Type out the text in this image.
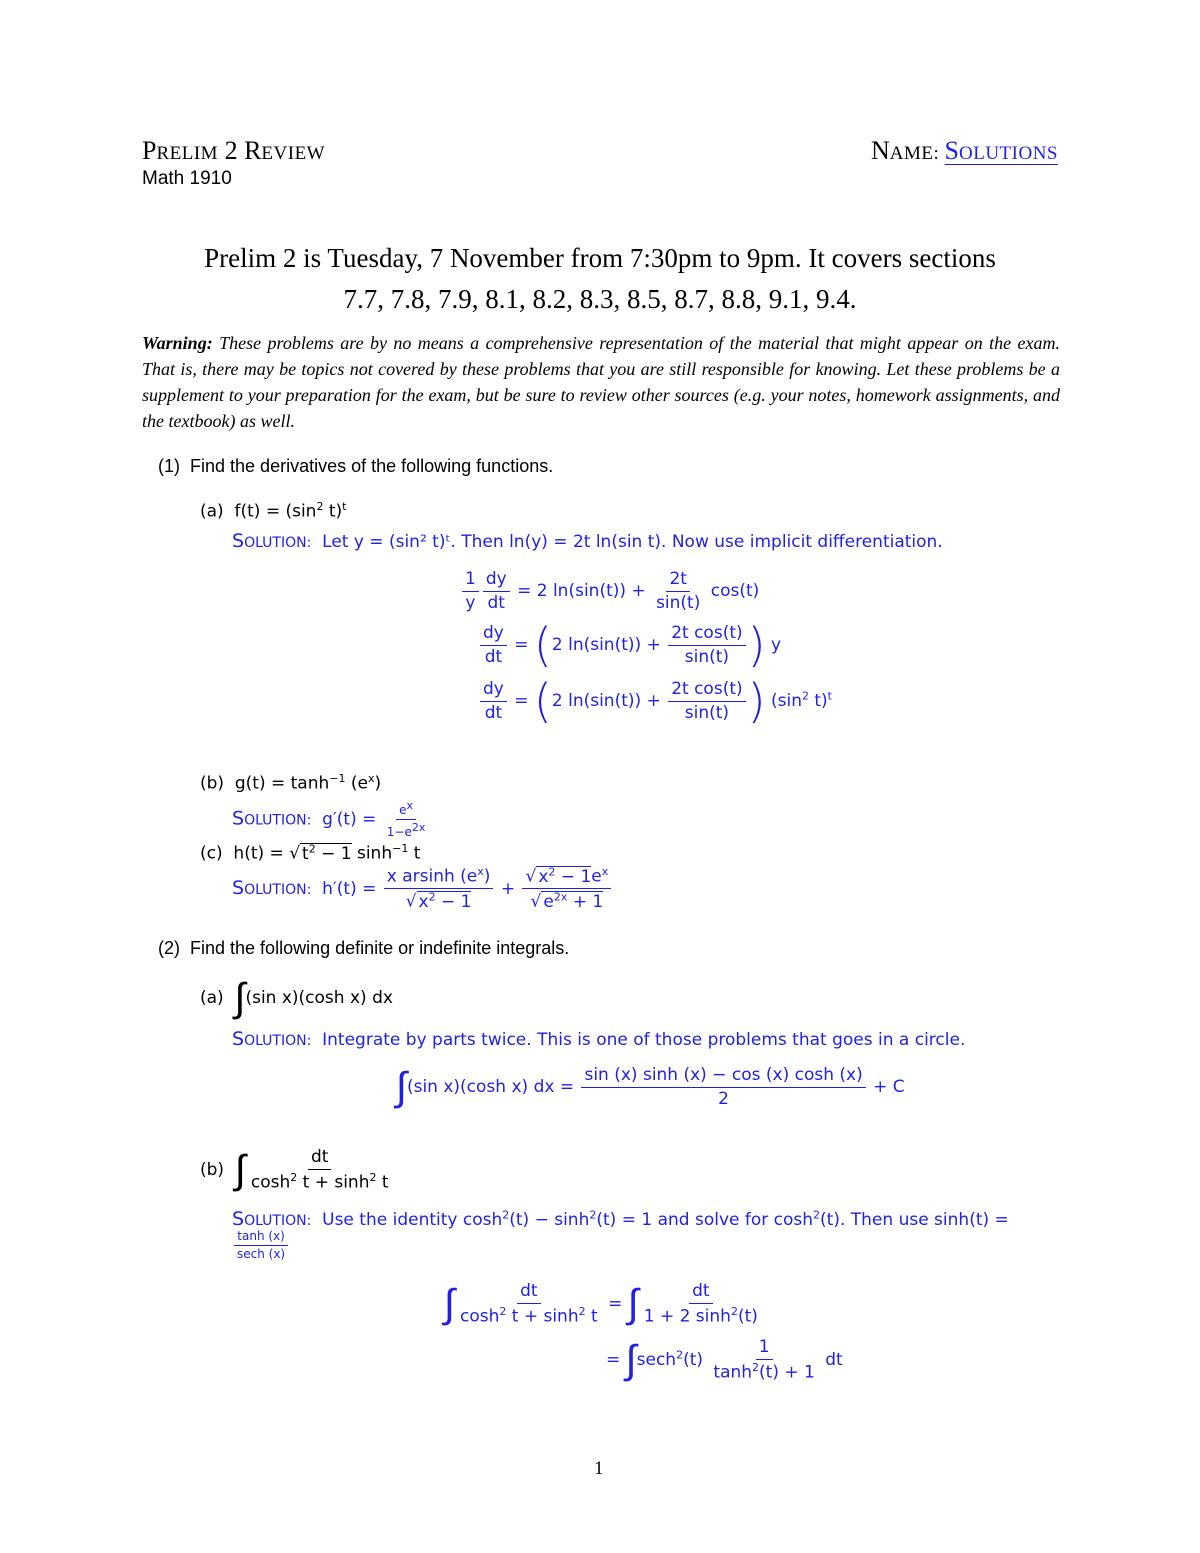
PRELIM 2 REVIEW	NAME: SOLUTIONS
Math 1910
Prelim 2 is Tuesday, 7 November from 7:30pm to 9pm. It covers sections
7.7, 7.8, 7.9, 8.1, 8.2, 8.3, 8.5, 8.7, 8.8, 9.1, 9.4.
Warning: These problems are by no means a comprehensive representation of the material that might appear on the exam. That is, there may be topics not covered by these problems that you are still responsible for knowing. Let these problems be a supplement to your preparation for the exam, but be sure to review other sources (e.g. your notes, homework assignments, and the textbook) as well.
(1) Find the derivatives of the following functions.
(a)  $f(t) = (\sin^2$ t)$^t$
SOLUTION: Let y = (sin² t)ᵗ. Then ln(y) = 2t ln(sin t). Now use implicit differentiation.
$\frac{1}{y} \frac{dy}{dt} = 2$ $\ln(\sin(t)) + \frac{2t}{\sin(t)} \cos(t)$
$\frac{dy}{dt} = (2$ $\ln(\sin(t)) + \frac{\text{2t cos(t)}}{\sin(t)}$ ) y
$\frac{dy}{dt} = (2$ $\ln(\sin(t)) + \frac{\text{2t cos(t)}}{\sin(t)}$ ) ($\sin^2$ t)$^t$
(b)  $g(t) = \tanh^{-1} (e^x)$
SOLUTION:  $g'(t) = \frac{e^x}{1-e^{2x}}$
(c)  h(t) = √ $t^2 - 1$ $\sinh^{-1} t$
SOLUTION:  $h'(t) = \frac{x arsinh (e^x)}{√ x^2 - 1} + \frac{√ x^2 - 1e^x}{√ e^{2x} + 1}$
(2) Find the following definite or indefinite integrals.
(a) ∫(sin x)(cosh x) dx
SOLUTION: Integrate by parts twice. This is one of those problems that goes in a circle.
∫(sin x)(cosh x) dx = $\frac{\sin (x) \sinh (x) - \cos (x) \cosh (x)}{2} + C$
(b) ∫ $\frac{dt}{\cosh^2 t + \sinh^2 t}$
SOLUTION:  Use the identity $\cosh^2(t) - \sinh^2(t) = 1$ and solve for $\cosh^2(t)$. Then use sinh(t) =
$\frac{\tanh (x)}{\sec h (x)}$
∫ $\frac{dt}{\cosh^2 t + \sinh^2 t}$ = ∫ $\frac{dt}{1 + 2 \sinh^2(t)}$
= $\int\sec h^2(t) \frac{1}{\tanh^2(t) + 1}$ dt
1
